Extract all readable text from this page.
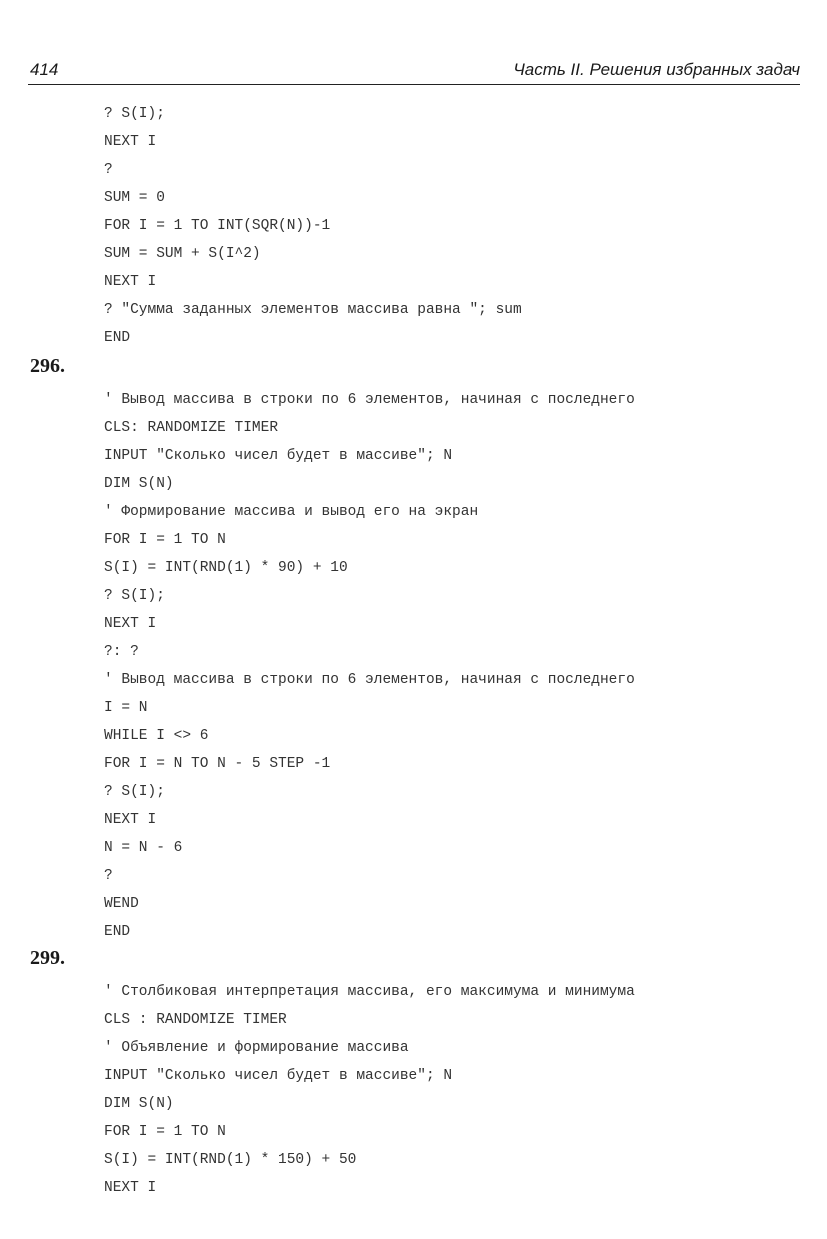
414	Часть II. Решения избранных задач
? S(I);
NEXT I
?
SUM = 0
FOR I = 1 TO INT(SQR(N))-1
SUM = SUM + S(I^2)
NEXT I
? "Сумма заданных элементов массива равна "; sum
END
296.
' Вывод массива в строки по 6 элементов, начиная с последнего
CLS: RANDOMIZE TIMER
INPUT "Сколько чисел будет в массиве"; N
DIM S(N)
' Формирование массива и вывод его на экран
FOR I = 1 TO N
S(I) = INT(RND(1) * 90) + 10
? S(I);
NEXT I
?: ?
' Вывод массива в строки по 6 элементов, начиная с последнего
I = N
WHILE I <> 6
FOR I = N TO N - 5 STEP -1
? S(I);
NEXT I
N = N - 6
?
WEND
END
299.
' Столбиковая интерпретация массива, его максимума и минимума
CLS : RANDOMIZE TIMER
' Объявление и формирование массива
INPUT "Сколько чисел будет в массиве"; N
DIM S(N)
FOR I = 1 TO N
S(I) = INT(RND(1) * 150) + 50
NEXT I
